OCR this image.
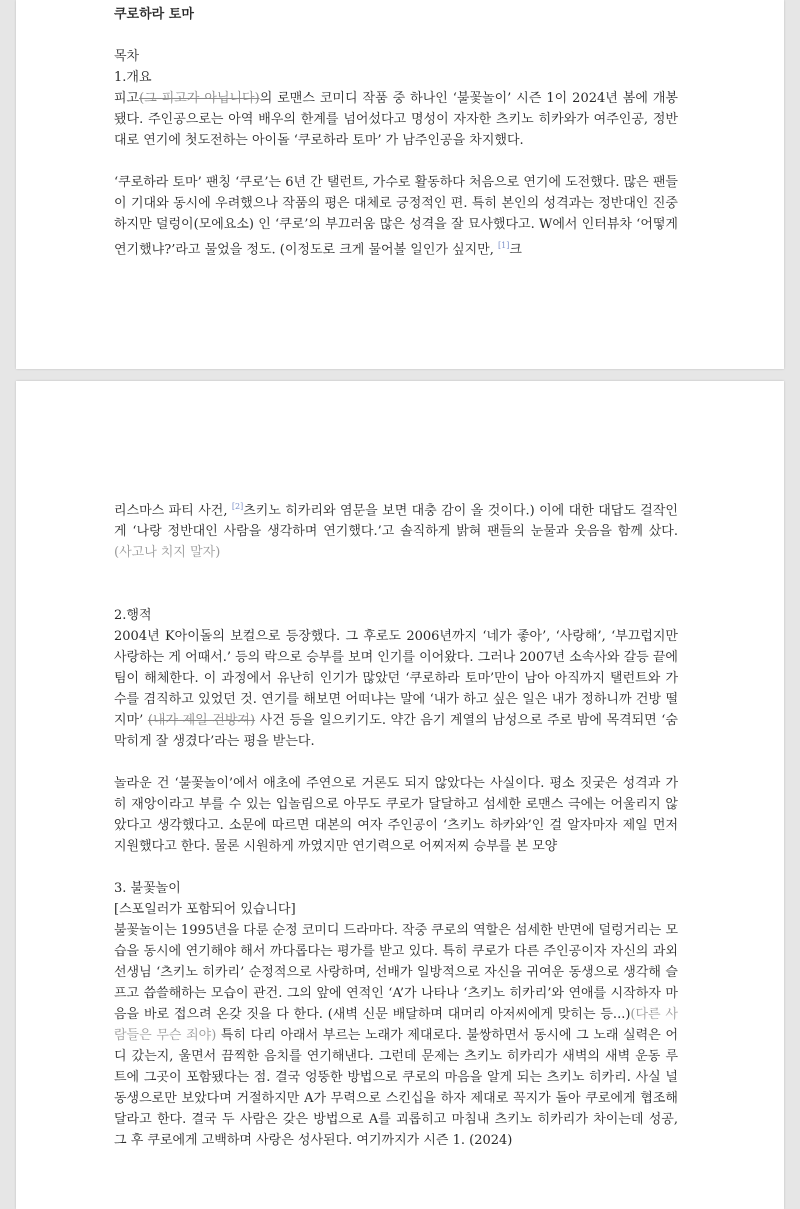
쿠로하라 토마

목차

1.개요

피고(그 피고가 아닙니다)의 로맨스 코미디 작품 중 하나인 ‘불꽃놀이’ 시즌 1이 2024년 봄에 개봉됐다. 주인공으로는 아역 배우의 한계를 넘어섰다고 명성이 자자한 츠키노 히카와가 여주인공, 정반대로 연기에 첫도전하는 아이돌 ‘쿠로하라 토마’ 가 남주인공을 차지했다.

‘쿠로하라 토마’ 팬칭 ‘쿠로’는 6년 간 탤런트, 가수로 활동하다 처음으로 연기에 도전했다. 많은 팬들이 기대와 동시에 우려했으나 작품의 평은 대체로 긍정적인 편. 특히 본인의 성격과는 정반대인 진중하지만 덜렁이(모에요소) 인 ‘쿠로’의 부끄러움 많은 성격을 잘 묘사했다고. W에서 인터뷰차 ‘어떻게 연기했냐?’라고 물었을 정도. (이정도로 크게 물어볼 일인가 싶지만, [1]크

리스마스 파티 사건, [2]츠키노 히카리와 염문을 보면 대충 감이 올 것이다.) 이에 대한 대답도 걸작인 게 ‘나랑 정반대인 사람을 생각하며 연기했다.’고 솔직하게 밝혀 팬들의 눈물과 웃음을 함께 샀다. (사고나 치지 말자)

2.행적

2004년 K아이돌의 보컬으로 등장했다. 그 후로도 2006년까지 ‘네가 좋아’, ‘사랑해’, ‘부끄럽지만 사랑하는 게 어때서.’ 등의 락으로 승부를 보며 인기를 이어왔다. 그러나 2007년 소속사와 갈등 끝에 팀이 해체한다. 이 과정에서 유난히 인기가 많았던 ‘쿠로하라 토마’만이 남아 아직까지 탤런트와 가수를 겸직하고 있었던 것. 연기를 해보면 어떠냐는 말에 ‘내가 하고 싶은 일은 내가 정하니까 건방 떨지마’ (내가 제일 건방져) 사건 등을 일으키기도. 약간 음기 계열의 남성으로 주로 밤에 목격되면 ‘숨 막히게 잘 생겼다’라는 평을 받는다.

놀라운 건 ‘불꽃놀이’에서 애초에 주연으로 거론도 되지 않았다는 사실이다. 평소 짓궂은 성격과 가히 재앙이라고 부를 수 있는 입놀림으로 아무도 쿠로가 달달하고 섬세한 로맨스 극에는 어울리지 않았다고 생각했다고. 소문에 따르면 대본의 여자 주인공이 ‘츠키노 하카와’인 걸 알자마자 제일 먼저 지원했다고 한다. 물론 시원하게 까였지만 연기력으로 어찌저찌 승부를 본 모양

3. 불꽃놀이

[스포일러가 포함되어 있습니다]

불꽃놀이는 1995년을 다룬 순정 코미디 드라마다. 작중 쿠로의 역할은 섬세한 반면에 덜렁거리는 모습을 동시에 연기해야 해서 까다롭다는 평가를 받고 있다. 특히 쿠로가 다른 주인공이자 자신의 과외 선생님 ‘츠키노 히카리’ 순정적으로 사랑하며, 선배가 일방적으로 자신을 귀여운 동생으로 생각해 슬프고 씁쓸해하는 모습이 관건. 그의 앞에 연적인 ‘A’가 나타나 ‘츠키노 히카리’와 연애를 시작하자 마음을 바로 접으려 온갖 짓을 다 한다. (새벽 신문 배달하며 대머리 아저씨에게 맞히는 등...)(다른 사람들은 무슨 죄야) 특히 다리 아래서 부르는 노래가 제대로다. 불쌍하면서 동시에 그 노래 실력은 어디 갔는지, 울면서 끔찍한 음치를 연기해낸다. 그런데 문제는 츠키노 히카리가 새벽의 새벽 운동 루트에 그곳이 포함됐다는 점. 결국 엉뚱한 방법으로 쿠로의 마음을 알게 되는 츠키노 히카리. 사실 널 동생으로만 보았다며 거절하지만 A가 무력으로 스킨십을 하자 제대로 꼭지가 돌아 쿠로에게 협조해달라고 한다. 결국 두 사람은 갖은 방법으로 A를 괴롭히고 마침내 츠키노 히카리가 차이는데 성공, 그 후 쿠로에게 고백하며 사랑은 성사된다. 여기까지가 시즌 1. (2024)
